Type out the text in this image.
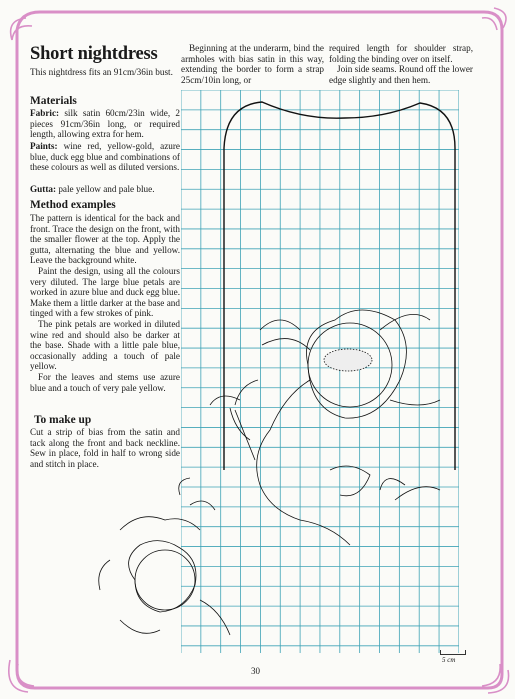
Short nightdress
This nightdress fits an 91cm/36in bust.
Materials
Fabric: silk satin 60cm/23in wide, 2 pieces 91cm/36in long, or required length, allowing extra for hem.
Paints: wine red, yellow-gold, azure blue, duck egg blue and combinations of these colours as well as diluted versions.
Gutta: pale yellow and pale blue.
Method examples

The pattern is identical for the back and front. Trace the design on the front, with the smaller flower at the top. Apply the gutta, alternating the blue and yellow. Leave the background white.

Paint the design, using all the colours very diluted. The large blue petals are worked in azure blue and duck egg blue. Make them a little darker at the base and tinged with a few strokes of pink.

The pink petals are worked in diluted wine red and should also be darker at the base. Shade with a little pale blue, occasionally adding a touch of pale yellow.

For the leaves and stems use azure blue and a touch of very pale yellow.

To make up

Cut a strip of bias from the satin and tack along the front and back neckline. Sew in place, fold in half to wrong side and stitch in place.

Beginning at the underarm, bind the armholes with bias satin in this way, extending the border to form a strap 25cm/10in long, or

required length for shoulder strap, folding the binding over on itself.

Join side seams. Round off the lower edge slightly and then hem.

5 cm
30
